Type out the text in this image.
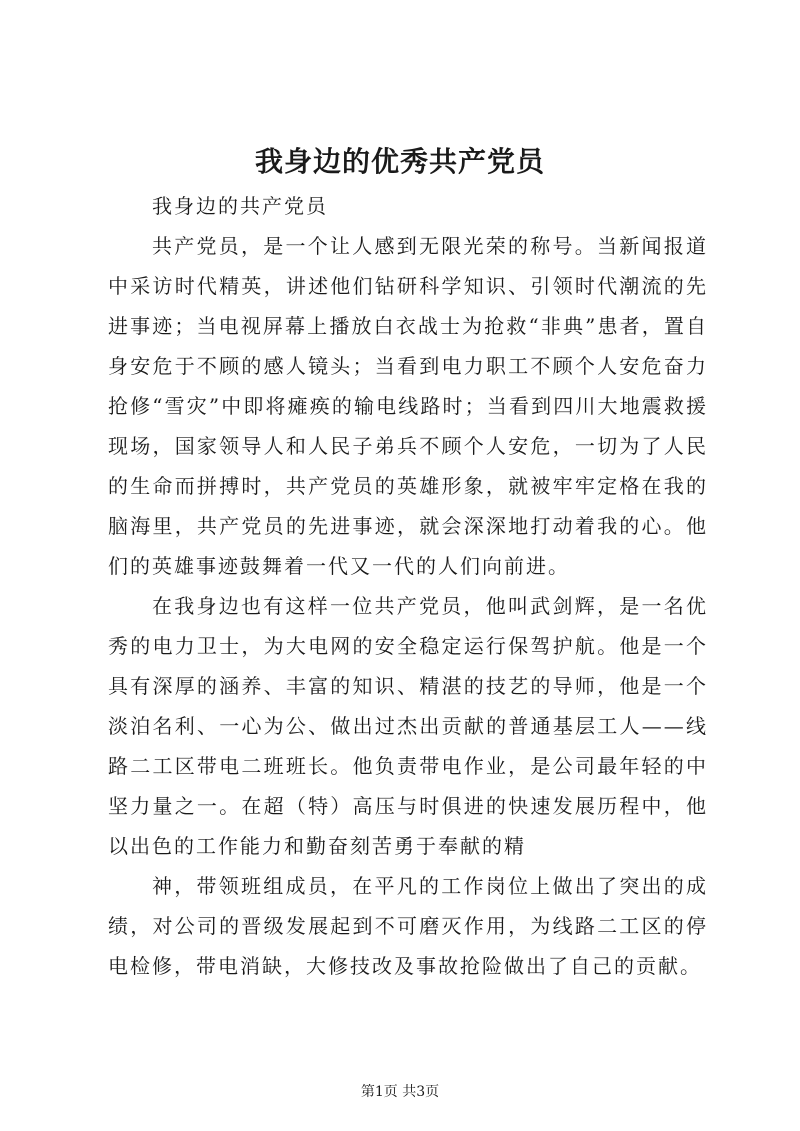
我身边的优秀共产党员

我身边的共产党员

共产党员，是一个让人感到无限光荣的称号。当新闻报道中采访时代精英，讲述他们钻研科学知识、引领时代潮流的先进事迹；当电视屏幕上播放白衣战士为抢救“非典”患者，置自身安危于不顾的感人镜头；当看到电力职工不顾个人安危奋力抢修“雪灾”中即将瘫痪的输电线路时；当看到四川大地震救援现场，国家领导人和人民子弟兵不顾个人安危，一切为了人民的生命而拼搏时，共产党员的英雄形象，就被牢牢定格在我的脑海里，共产党员的先进事迹，就会深深地打动着我的心。他们的英雄事迹鼓舞着一代又一代的人们向前进。

在我身边也有这样一位共产党员，他叫武剑辉，是一名优秀的电力卫士，为大电网的安全稳定运行保驾护航。他是一个具有深厚的涵养、丰富的知识、精湛的技艺的导师，他是一个淡泊名利、一心为公、做出过杰出贡献的普通基层工人——线路二工区带电二班班长。他负责带电作业，是公司最年轻的中坚力量之一。在超（特）高压与时俱进的快速发展历程中，他以出色的工作能力和勤奋刻苦勇于奉献的精

神，带领班组成员，在平凡的工作岗位上做出了突出的成绩，对公司的晋级发展起到不可磨灭作用，为线路二工区的停电检修，带电消缺，大修技改及事故抢险做出了自己的贡献。

第1页 共3页
